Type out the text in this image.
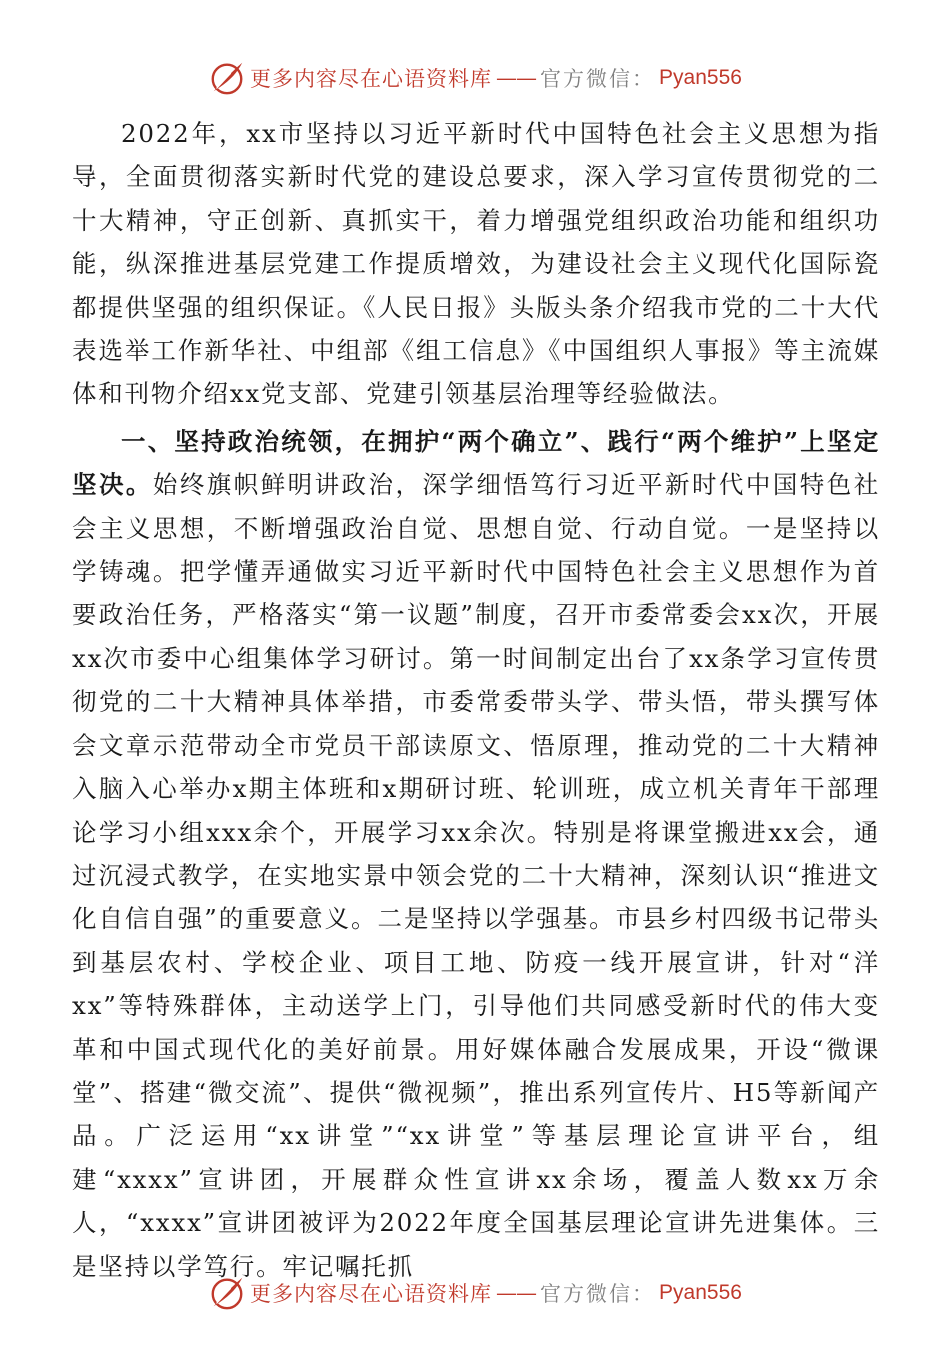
更多内容尽在心语资料库 —— 官方微信： Pyan556

2022年，xx市坚持以习近平新时代中国特色社会主义思想为指导，全面贯彻落实新时代党的建设总要求，深入学习宣传贯彻党的二十大精神，守正创新、真抓实干，着力增强党组织政治功能和组织功能，纵深推进基层党建工作提质增效，为建设社会主义现代化国际瓷都提供坚强的组织保证。《人民日报》头版头条介绍我市党的二十大代表选举工作新华社、中组部《组工信息》《中国组织人事报》等主流媒体和刊物介绍xx党支部、党建引领基层治理等经验做法。

一、坚持政治统领，在拥护“两个确立”、践行“两个维护”上坚定坚决。始终旗帜鲜明讲政治，深学细悟笃行习近平新时代中国特色社会主义思想，不断增强政治自觉、思想自觉、行动自觉。一是坚持以学铸魂。把学懂弄通做实习近平新时代中国特色社会主义思想作为首要政治任务，严格落实“第一议题”制度，召开市委常委会xx次，开展xx次市委中心组集体学习研讨。第一时间制定出台了xx条学习宣传贯彻党的二十大精神具体举措，市委常委带头学、带头悟，带头撰写体会文章示范带动全市党员干部读原文、悟原理，推动党的二十大精神入脑入心举办x期主体班和x期研讨班、轮训班，成立机关青年干部理论学习小组xxx余个，开展学习xx余次。特别是将课堂搬进xx会，通过沉浸式教学，在实地实景中领会党的二十大精神，深刻认识“推进文化自信自强”的重要意义。二是坚持以学强基。市县乡村四级书记带头到基层农村、学校企业、项目工地、防疫一线开展宣讲，针对“洋xx”等特殊群体，主动送学上门，引导他们共同感受新时代的伟大变革和中国式现代化的美好前景。用好媒体融合发展成果，开设“微课堂”、搭建“微交流”、提供“微视频”，推出系列宣传片、H5等新闻产品。广泛运用“xx讲堂”“xx讲堂”等基层理论宣讲平台，组建“xxxx”宣讲团，开展群众性宣讲xx余场，覆盖人数xx万余人，“xxxx”宣讲团被评为2022年度全国基层理论宣讲先进集体。三是坚持以学笃行。牢记嘱托抓

更多内容尽在心语资料库 —— 官方微信： Pyan556
